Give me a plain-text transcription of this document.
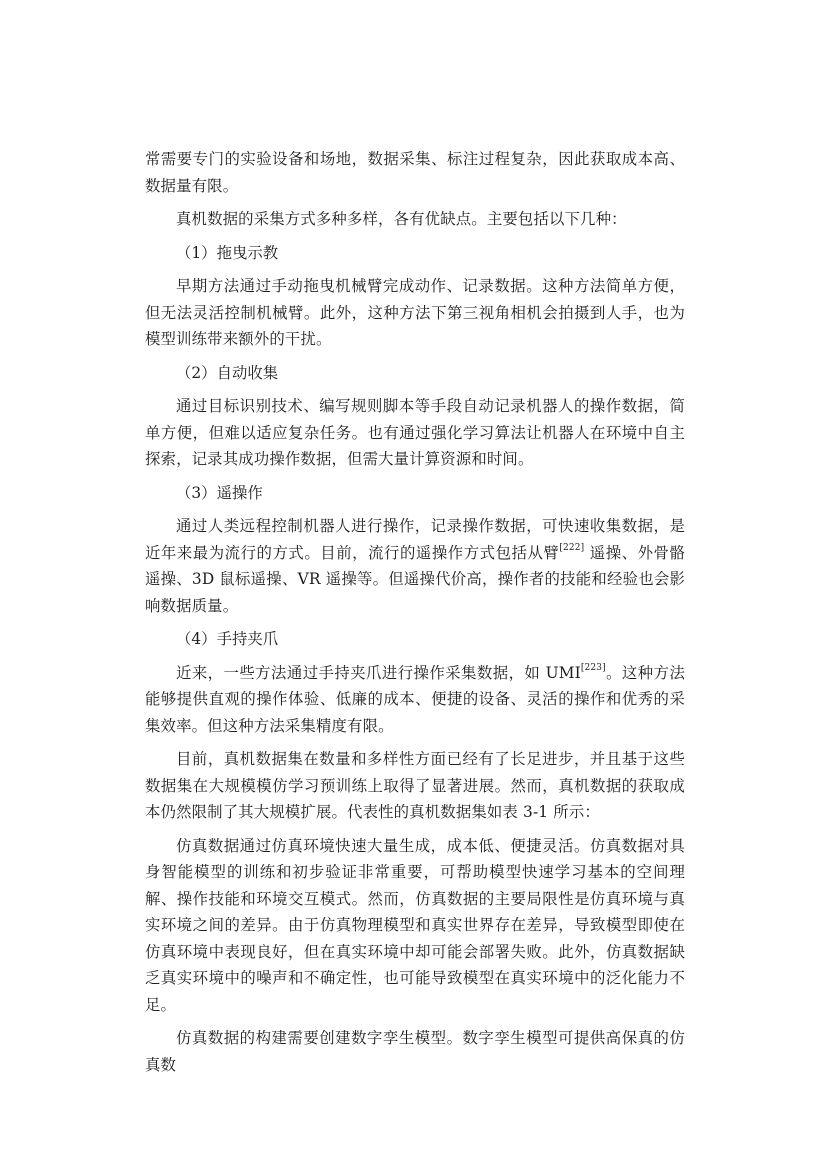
常需要专门的实验设备和场地，数据采集、标注过程复杂，因此获取成本高、数据量有限。

真机数据的采集方式多种多样，各有优缺点。主要包括以下几种：

（1）拖曳示教

早期方法通过手动拖曳机械臂完成动作、记录数据。这种方法简单方便，但无法灵活控制机械臂。此外，这种方法下第三视角相机会拍摄到人手，也为模型训练带来额外的干扰。

（2）自动收集

通过目标识别技术、编写规则脚本等手段自动记录机器人的操作数据，简单方便，但难以适应复杂任务。也有通过强化学习算法让机器人在环境中自主探索，记录其成功操作数据，但需大量计算资源和时间。

（3）遥操作

通过人类远程控制机器人进行操作，记录操作数据，可快速收集数据，是近年来最为流行的方式。目前，流行的遥操作方式包括从臂[222] 遥操、外骨骼遥操、3D 鼠标遥操、VR 遥操等。但遥操代价高，操作者的技能和经验也会影响数据质量。

（4）手持夹爪

近来，一些方法通过手持夹爪进行操作采集数据，如 UMI[223]。这种方法能够提供直观的操作体验、低廉的成本、便捷的设备、灵活的操作和优秀的采集效率。但这种方法采集精度有限。

目前，真机数据集在数量和多样性方面已经有了长足进步，并且基于这些数据集在大规模模仿学习预训练上取得了显著进展。然而，真机数据的获取成本仍然限制了其大规模扩展。代表性的真机数据集如表 3-1 所示：

仿真数据通过仿真环境快速大量生成，成本低、便捷灵活。仿真数据对具身智能模型的训练和初步验证非常重要，可帮助模型快速学习基本的空间理解、操作技能和环境交互模式。然而，仿真数据的主要局限性是仿真环境与真实环境之间的差异。由于仿真物理模型和真实世界存在差异，导致模型即使在仿真环境中表现良好，但在真实环境中却可能会部署失败。此外，仿真数据缺乏真实环境中的噪声和不确定性，也可能导致模型在真实环境中的泛化能力不足。

仿真数据的构建需要创建数字孪生模型。数字孪生模型可提供高保真的仿真数
